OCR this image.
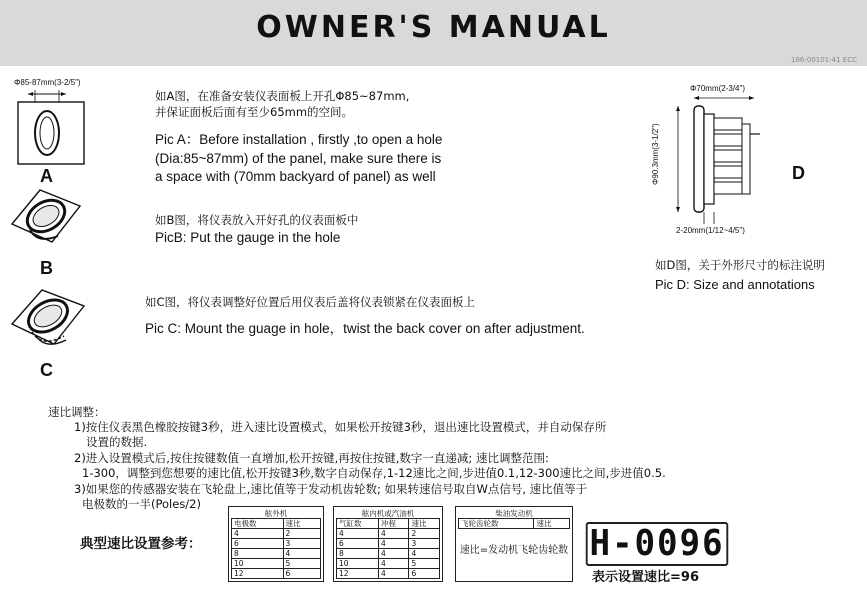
OWNER'S MANUAL
186-00101-41 ECC
Φ85-87mm(3-2/5")
A
如A图，在准备安装仪表面板上开孔Φ85~87mm,
并保证面板后面有至少65mm的空间。
Pic A：Before installation , firstly ,to open a hole
(Dia:85~87mm) of the panel, make sure there is
a space with (70mm backyard of panel) as well
B
如B图，将仪表放入开好孔的仪表面板中
PicB: Put the gauge in the hole
C
如C图，将仪表调整好位置后用仪表后盖将仪表锁紧在仪表面板上
Pic C: Mount the guage in hole，twist the back cover on after adjustment.
Φ70mm(2-3/4")
Φ90.3mm(3-1/2")
2-20mm(1/12~4/5")
D
如D图，关于外形尺寸的标注说明
Pic D: Size and annotations
速比调整：
1)按住仪表黑色橡胶按键3秒，进入速比设置模式，如果松开按键3秒，退出速比设置模式，并自动保存所
设置的数据.
2)进入设置模式后,按住按键数值一直增加,松开按键,再按住按键,数字一直递减; 速比调整范围:
1-300，调整到您想要的速比值,松开按键3秒,数字自动保存,1-12速比之间,步进值0.1,12-300速比之间,步进值0.5.
3)如果您的传感器安装在飞轮盘上,速比值等于发动机齿轮数; 如果转速信号取自W点信号, 速比值等于
电极数的一半(Poles/2)
典型速比设置参考：
舷外机
电极数	速比
4	2
6	3
8	4
10	5
12	6
舷内机或汽油机
气缸数	冲程	速比
4	4	2
6	4	3
8	4	4
10	4	5
12	4	6
柴油发动机
飞轮齿轮数	速比
速比=发动机飞轮齿轮数 H-0096
表示设置速比=96
